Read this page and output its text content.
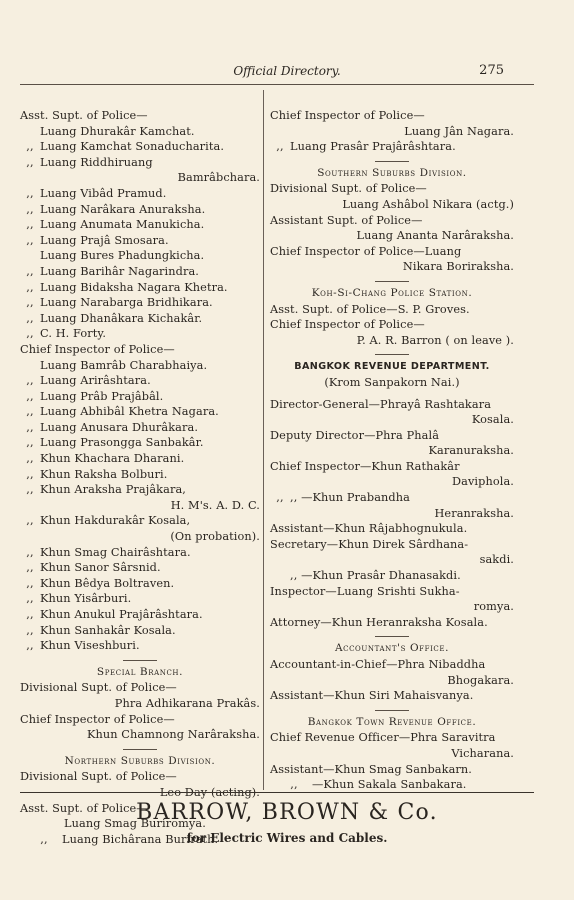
Official Directory.	275
Asst. Supt. of Police—
Luang Dhurakâr Kamchat.
,, Luang Kamchat Sonaducharita.
,, Luang Riddhiruang
Bamrâbchara.
,, Luang Vibâd Pramud.
,, Luang Narâkara Anuraksha.
,, Luang Anumata Manukicha.
,, Luang Prajâ Smosara.
Luang Bures Phadungkicha.
,, Luang Barihâr Nagarindra.
,, Luang Bidaksha Nagara Khetra.
,, Luang Narabarga Bridhikara.
,, Luang Dhanâkara Kichakâr.
,, C. H. Forty.
Chief Inspector of Police—
Luang Bamrâb Charabhaiya.
,, Luang Arirâshtara.
,, Luang Prâb Prajâbâl.
,, Luang Abhibâl Khetra Nagara.
,, Luang Anusara Dhurâkara.
,, Luang Prasongga Sanbakâr.
,, Khun Khachara Dharani.
,, Khun Raksha Bolburi.
,, Khun Araksha Prajâkara,
H. M's. A. D. C.
,, Khun Hakdurakâr Kosala,
(On probation).
,, Khun Smag Chairâshtara.
,, Khun Sanor Sârsnid.
,, Khun Bêdya Boltraven.
,, Khun Yisârburi.
,, Khun Anukul Prajârâshtara.
,, Khun Sanhakâr Kosala.
,, Khun Viseshburi.
Special Branch.
Divisional Supt. of Police—
Phra Adhikarana Prakâs.
Chief Inspector of Police—
Khun Chamnong Narâraksha.
Northern Suburbs Division.
Divisional Supt. of Police—
Leo Day (acting).
Asst. Supt. of Police—
Luang Smag Buriromya.
,,	Luang Bichârana Burirath.
Chief Inspector of Police—
Luang Jân Nagara.
,, Luang Prasâr Prajârâshtara.
Southern Suburbs Division.
Divisional Supt. of Police—
Luang Ashâbol Nikara (actg.)
Assistant Supt. of Police—
Luang Ananta Narâraksha.
Chief Inspector of Police—Luang
Nikara Boriraksha.
Koh-Si-Chang Police Station.
Asst. Supt. of Police—S. P. Groves.
Chief Inspector of Police—
P. A. R. Barron ( on leave ).
BANGKOK REVENUE DEPARTMENT.
(Krom Sanpakorn Nai.)
Director-General—Phrayâ Rashtakara
Kosala.
Deputy Director—Phra Phalâ
Karanuraksha.
Chief Inspector—Khun Rathakâr
Daviphola.
,, ,, —Khun Prabandha
Heranraksha.
Assistant—Khun Râjabhognukula.
Secretary—Khun Direk Sârdhana-
sakdi.
,, —Khun Prasâr Dhanasakdi.
Inspector—Luang Srishti Sukha-
romya.
Attorney—Khun Heranraksha Kosala.
Accountant's Office.
Accountant-in-Chief—Phra Nibaddha
Bhogakara.
Assistant—Khun Siri Mahaisvanya.
Bangkok Town Revenue Office.
Chief Revenue Officer—Phra Saravitra
Vicharana.
Assistant—Khun Smag Sanbakarn.
,,	—Khun Sakala Sanbakara.
BARROW, BROWN & Co.
for Electric Wires and Cables.
